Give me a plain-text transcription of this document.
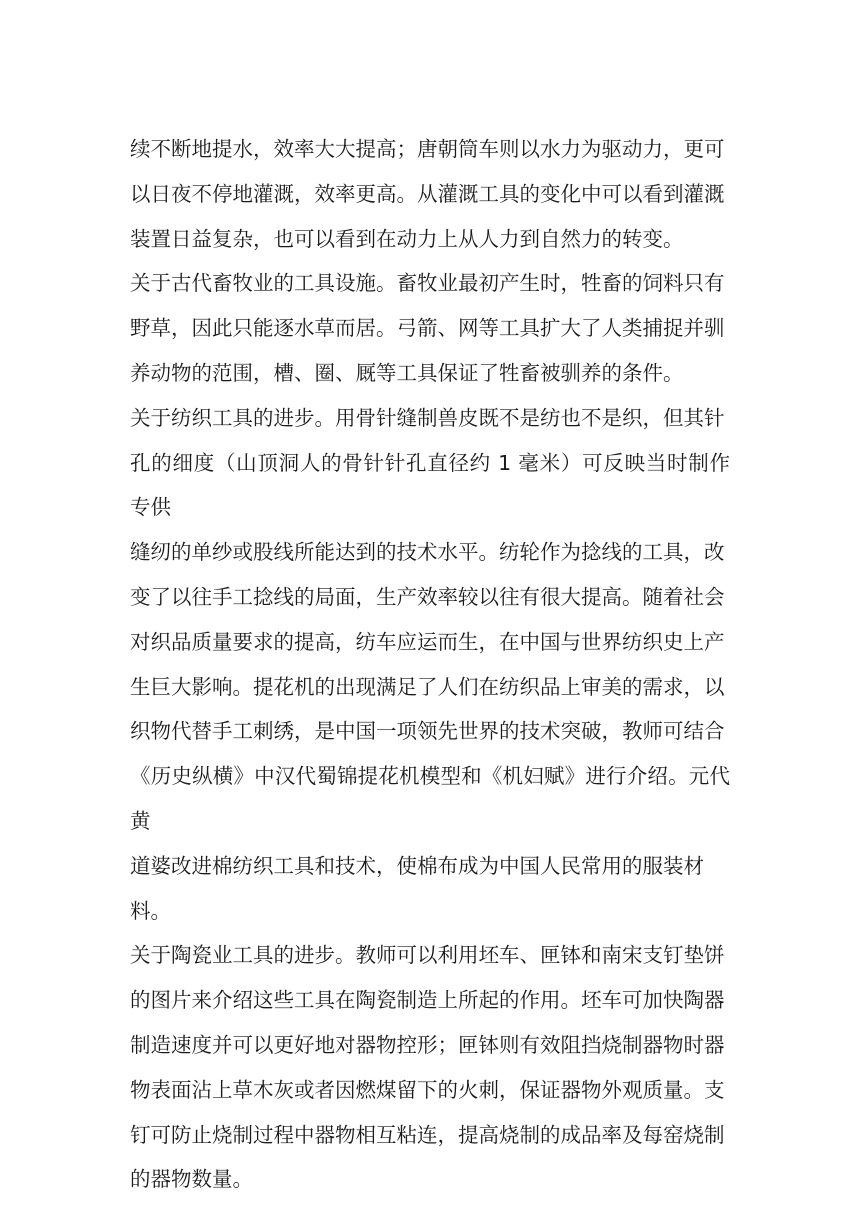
续不断地提水，效率大大提高；唐朝筒车则以水力为驱动力，更可
以日夜不停地灌溉，效率更高。从灌溉工具的变化中可以看到灌溉
装置日益复杂，也可以看到在动力上从人力到自然力的转变。

关于古代畜牧业的工具设施。畜牧业最初产生时，牲畜的饲料只有
野草，因此只能逐水草而居。弓箭、网等工具扩大了人类捕捉并驯
养动物的范围，槽、圈、厩等工具保证了牲畜被驯养的条件。

关于纺织工具的进步。用骨针缝制兽皮既不是纺也不是织，但其针
孔的细度（山顶洞人的骨针针孔直径约 1 毫米）可反映当时制作专供
缝纫的单纱或股线所能达到的技术水平。纺轮作为捻线的工具，改
变了以往手工捻线的局面，生产效率较以往有很大提高。随着社会
对织品质量要求的提高，纺车应运而生，在中国与世界纺织史上产
生巨大影响。提花机的出现满足了人们在纺织品上审美的需求，以
织物代替手工刺绣，是中国一项领先世界的技术突破，教师可结合
《历史纵横》中汉代蜀锦提花机模型和《机妇赋》进行介绍。元代黄
道婆改进棉纺织工具和技术，使棉布成为中国人民常用的服装材
料。

关于陶瓷业工具的进步。教师可以利用坯车、匣钵和南宋支钉垫饼
的图片来介绍这些工具在陶瓷制造上所起的作用。坯车可加快陶器
制造速度并可以更好地对器物控形；匣钵则有效阻挡烧制器物时器
物表面沾上草木灰或者因燃煤留下的火刺，保证器物外观质量。支
钉可防止烧制过程中器物相互粘连，提高烧制的成品率及每窑烧制
的器物数量。
